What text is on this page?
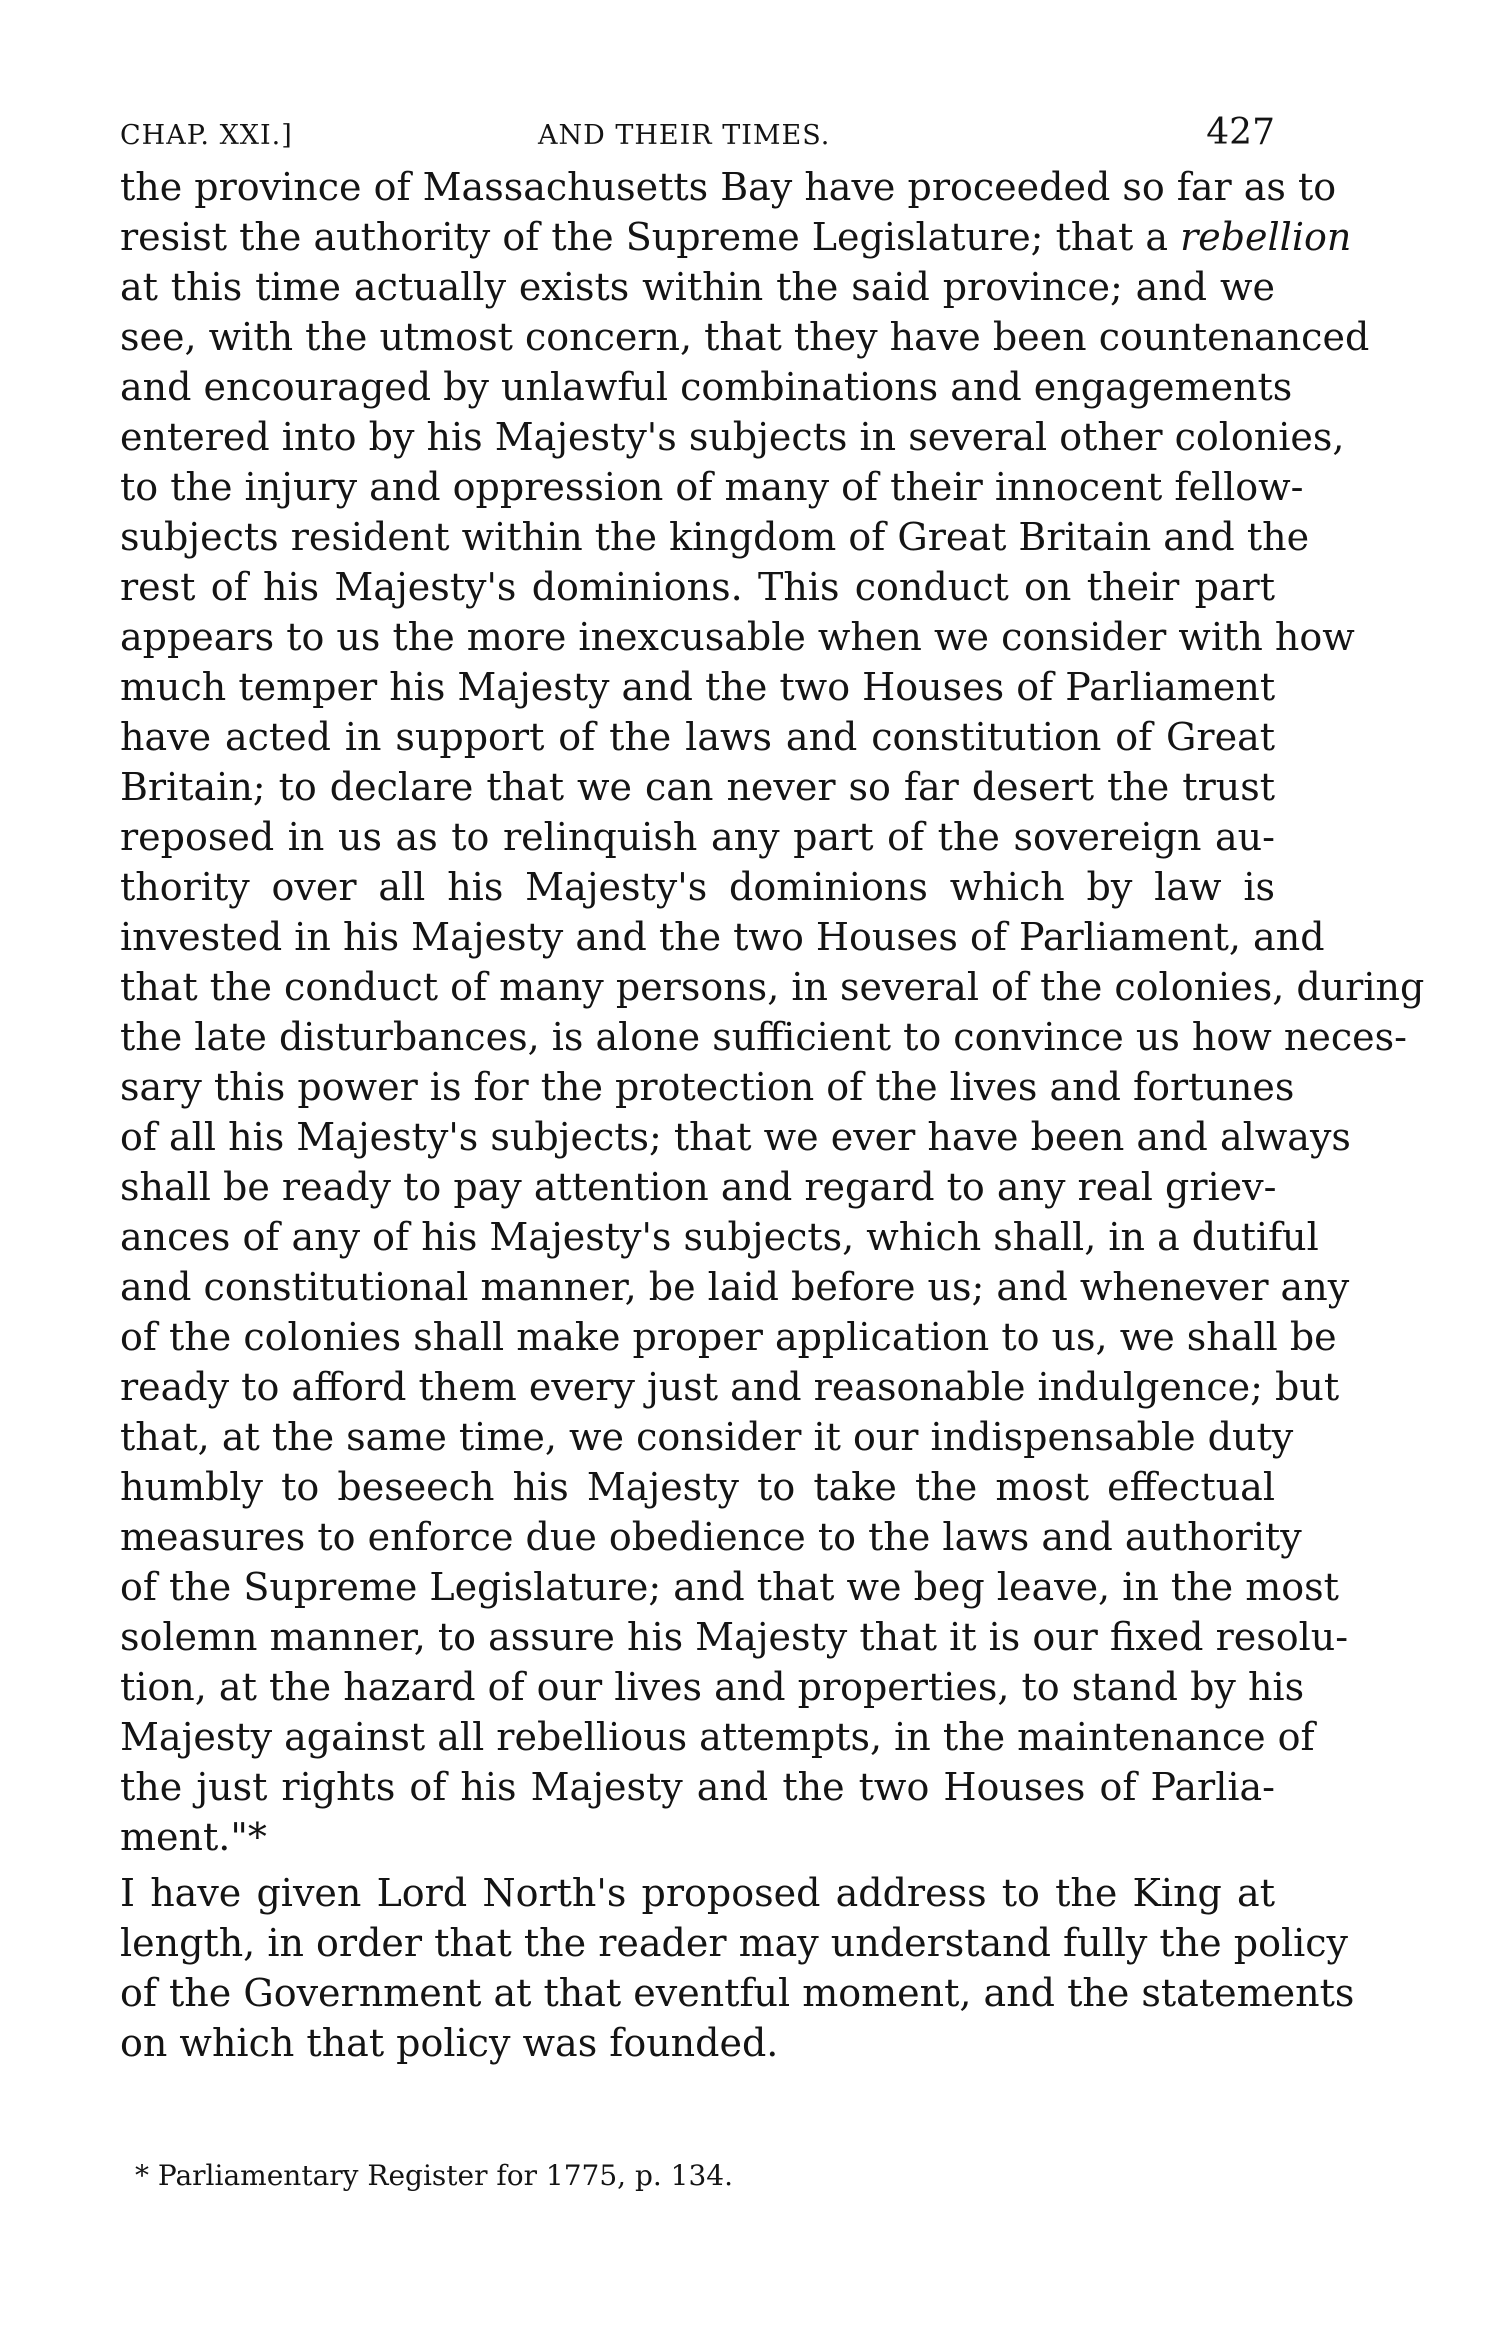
CHAP. XXI.]	AND THEIR TIMES.	427
the province of Massachusetts Bay have proceeded so far as to
resist the authority of the Supreme Legislature; that a rebellion
at this time actually exists within the said province; and we
see, with the utmost concern, that they have been countenanced
and encouraged by unlawful combinations and engagements
entered into by his Majesty's subjects in several other colonies,
to the injury and oppression of many of their innocent fellow-
subjects resident within the kingdom of Great Britain and the
rest of his Majesty's dominions. This conduct on their part
appears to us the more inexcusable when we consider with how
much temper his Majesty and the two Houses of Parliament
have acted in support of the laws and constitution of Great
Britain; to declare that we can never so far desert the trust
reposed in us as to relinquish any part of the sovereign au-
thority over all his Majesty's dominions which by law is
invested in his Majesty and the two Houses of Parliament, and
that the conduct of many persons, in several of the colonies, during
the late disturbances, is alone sufficient to convince us how neces-
sary this power is for the protection of the lives and fortunes
of all his Majesty's subjects; that we ever have been and always
shall be ready to pay attention and regard to any real griev-
ances of any of his Majesty's subjects, which shall, in a dutiful
and constitutional manner, be laid before us; and whenever any
of the colonies shall make proper application to us, we shall be
ready to afford them every just and reasonable indulgence; but
that, at the same time, we consider it our indispensable duty
humbly to beseech his Majesty to take the most effectual
measures to enforce due obedience to the laws and authority
of the Supreme Legislature; and that we beg leave, in the most
solemn manner, to assure his Majesty that it is our fixed resolu-
tion, at the hazard of our lives and properties, to stand by his
Majesty against all rebellious attempts, in the maintenance of
the just rights of his Majesty and the two Houses of Parlia-
ment."*
I have given Lord North's proposed address to the King at
length, in order that the reader may understand fully the policy
of the Government at that eventful moment, and the statements
on which that policy was founded.
* Parliamentary Register for 1775, p. 134.
